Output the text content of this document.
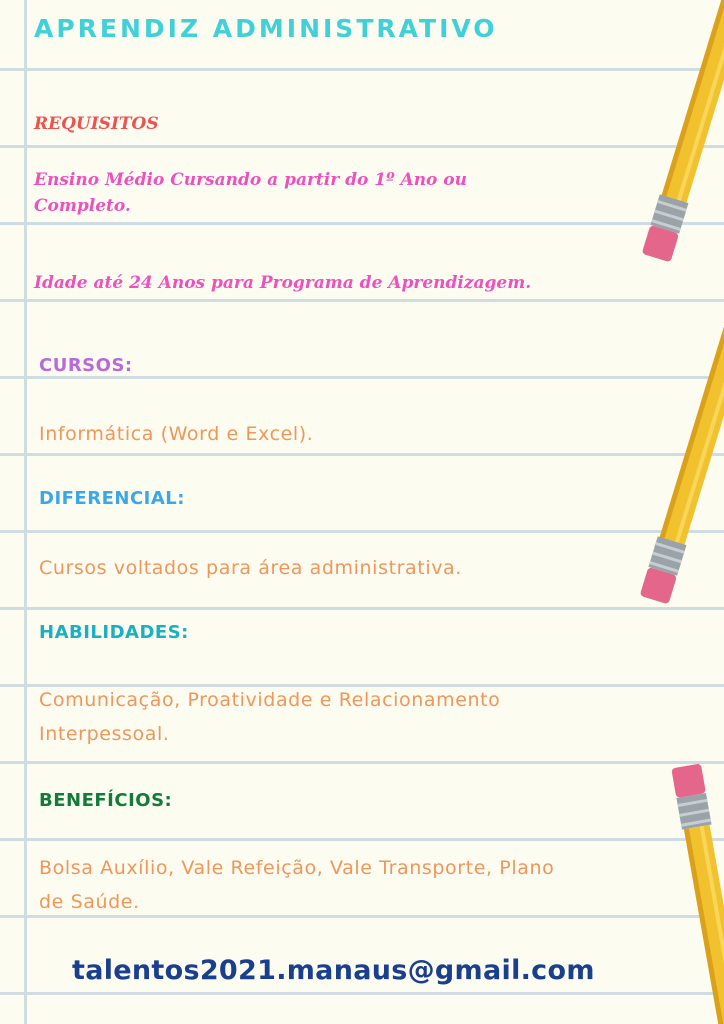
APRENDIZ ADMINISTRATIVO

REQUISITOS

Ensino Médio Cursando a partir do 1º Ano ou

Completo.

Idade até 24 Anos para Programa de Aprendizagem.

CURSOS:

Informática (Word e Excel).

DIFERENCIAL:

Cursos voltados para área administrativa.

HABILIDADES:

Comunicação, Proatividade e Relacionamento

Interpessoal.

BENEFÍCIOS:

Bolsa Auxílio, Vale Refeição, Vale Transporte, Plano

de Saúde.

talentos2021.manaus@gmail.com
